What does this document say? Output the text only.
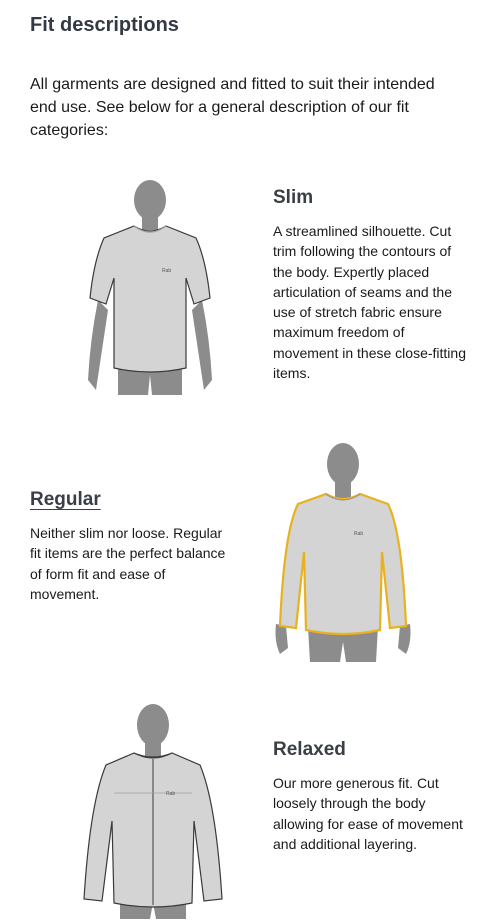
Fit descriptions

All garments are designed and fitted to suit their intended end use. See below for a general description of our fit categories:

Rab
Slim

A streamlined silhouette. Cut trim following the contours of the body. Expertly placed articulation of seams and the use of stretch fabric ensure maximum freedom of movement in these close-fitting items.

Regular

Neither slim nor loose. Regular fit items are the perfect balance of form fit and ease of movement.

Rab
Rab
Relaxed

Our more generous fit. Cut loosely through the body allowing for ease of movement and additional layering.
